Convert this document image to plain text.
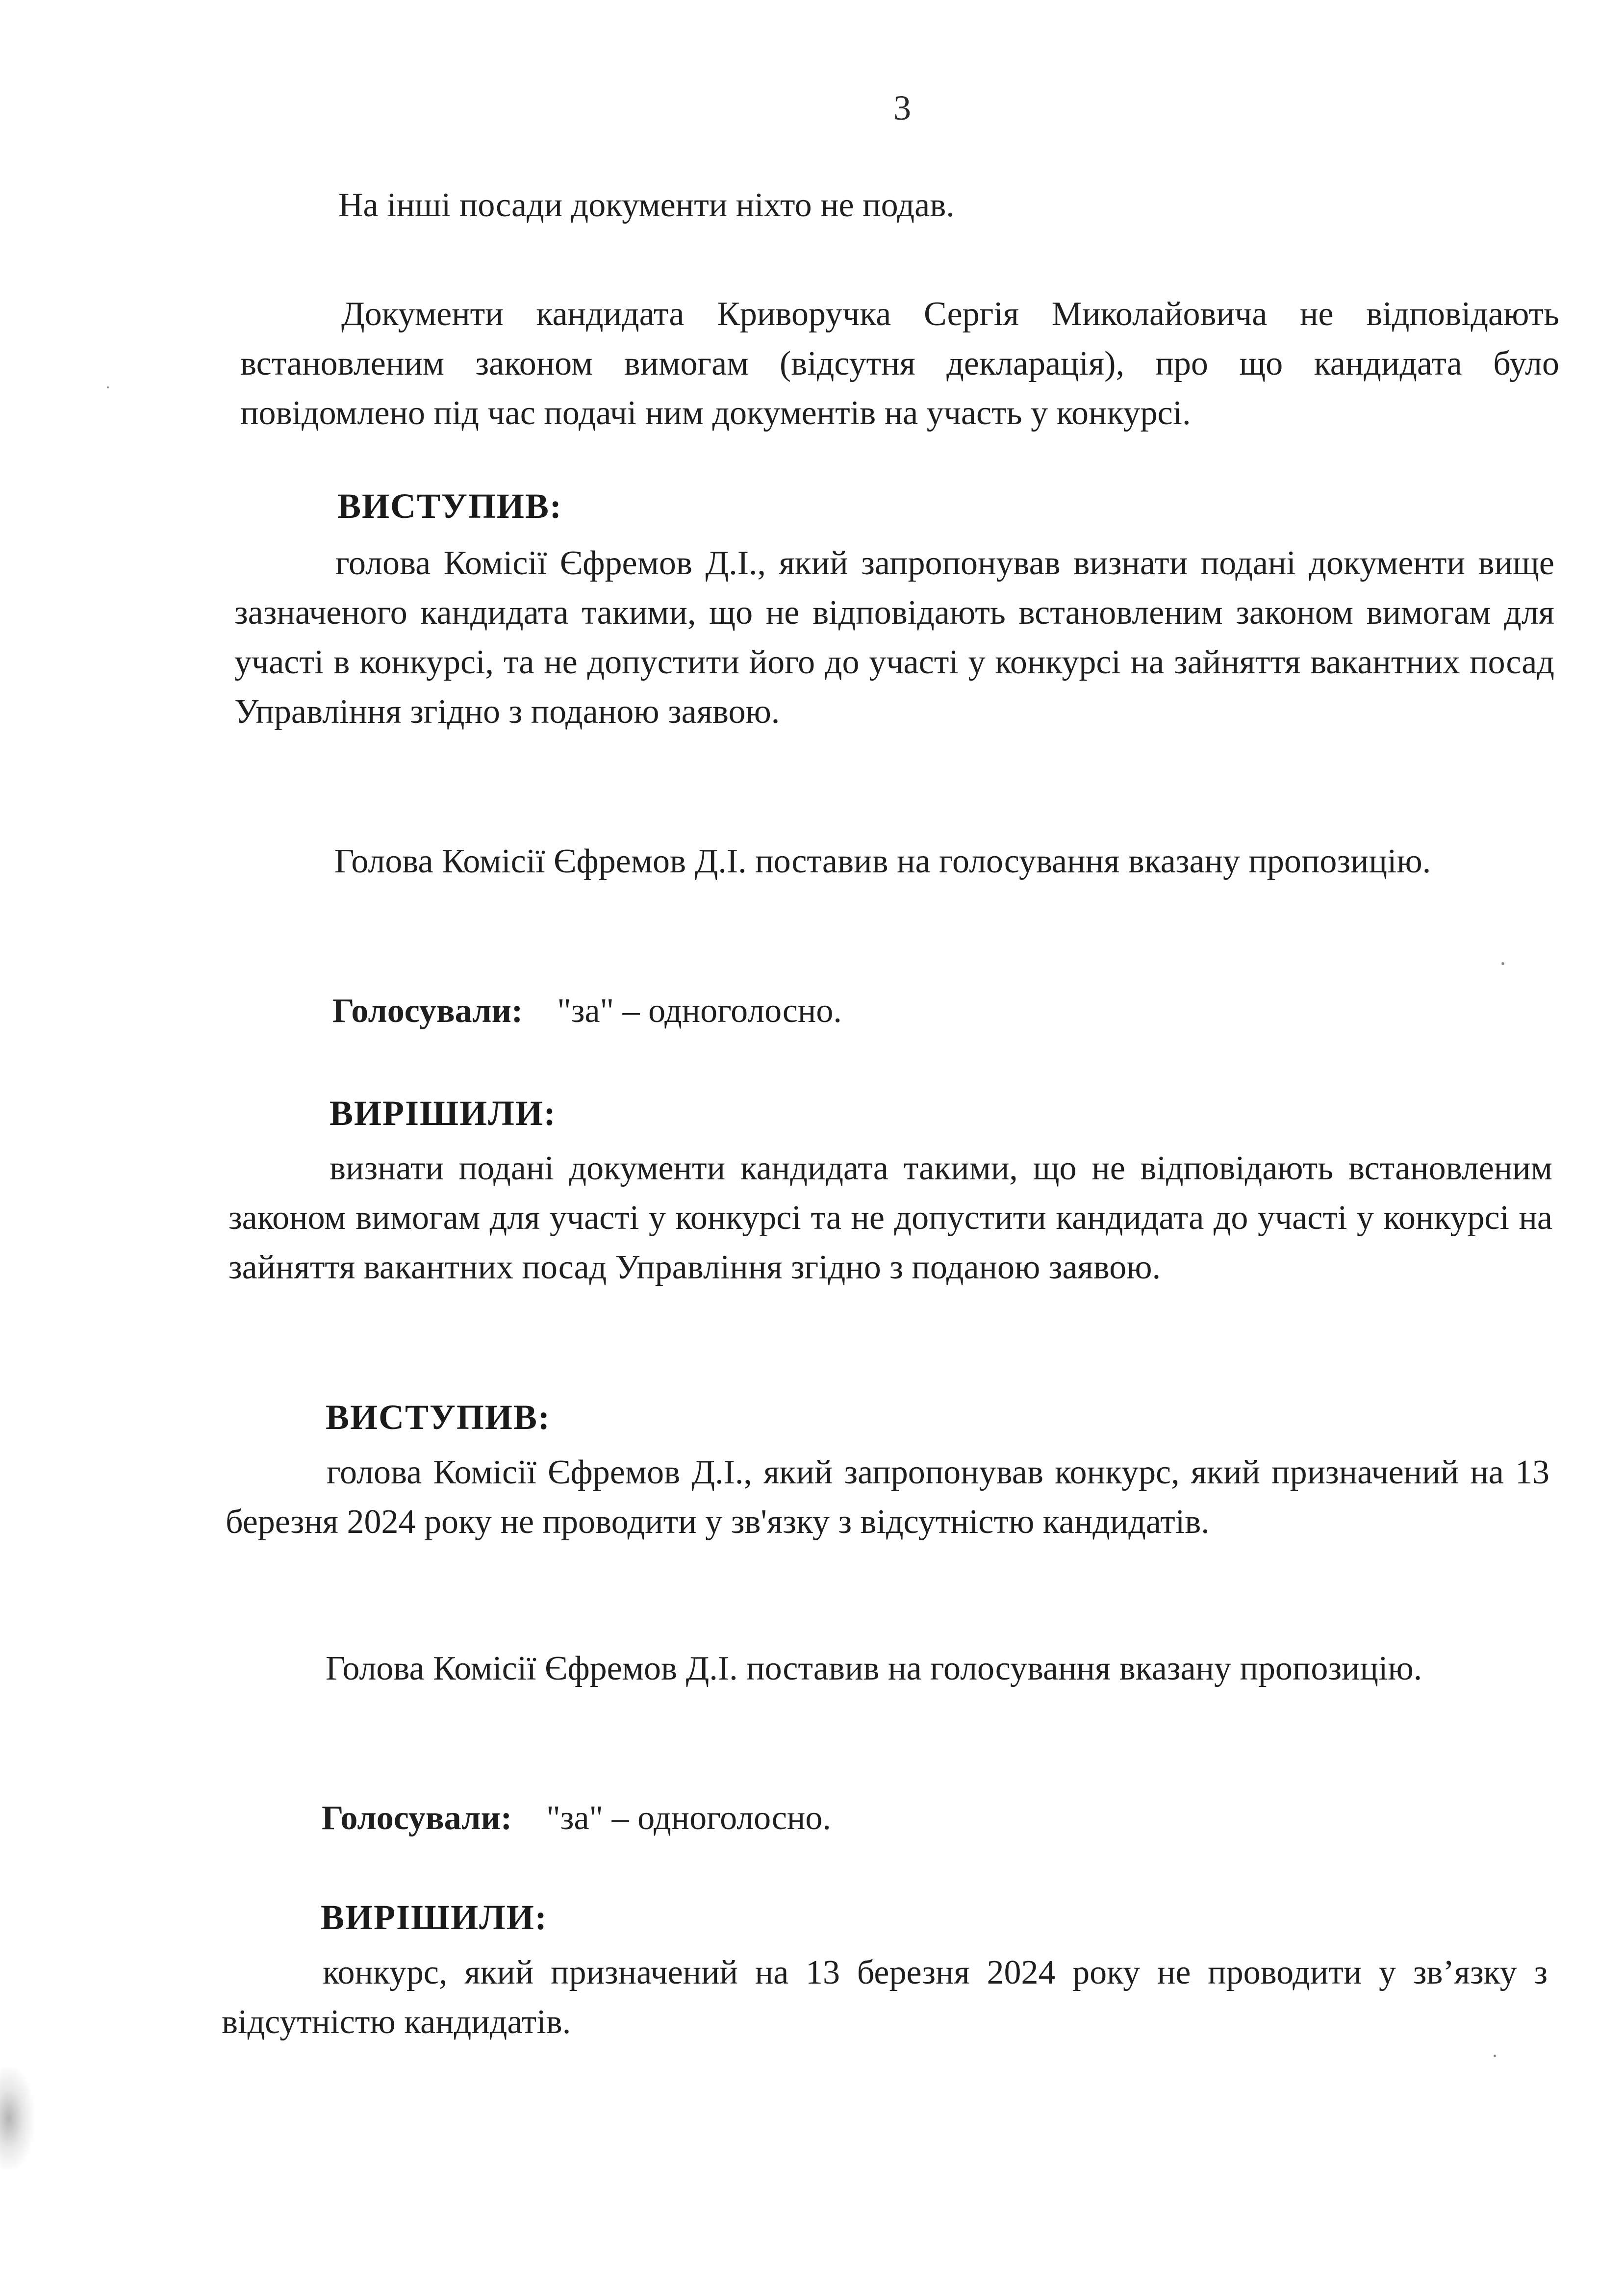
3
На інші посади документи ніхто не подав.
Документи кандидата Криворучка Сергія Миколайовича не відповідають встановленим законом вимогам (відсутня декларація), про що кандидата було повідомлено під час подачі ним документів на участь у конкурсі.
ВИСТУПИВ:
голова Комісії Єфремов Д.І., який запропонував визнати подані документи вище зазначеного кандидата такими, що не відповідають встановленим законом вимогам для участі в конкурсі, та не допустити його до участі у конкурсі на зайняття вакантних посад Управління згідно з поданою заявою.
Голова Комісії Єфремов Д.І. поставив на голосування вказану пропозицію.
Голосували: "за" – одноголосно.
ВИРІШИЛИ:
визнати подані документи кандидата такими, що не відповідають встановленим законом вимогам для участі у конкурсі та не допустити кандидата до участі у конкурсі на зайняття вакантних посад Управління згідно з поданою заявою.
ВИСТУПИВ:
голова Комісії Єфремов Д.І., який запропонував конкурс, який призначений на 13 березня 2024 року не проводити у зв'язку з відсутністю кандидатів.
Голова Комісії Єфремов Д.І. поставив на голосування вказану пропозицію.
Голосували: "за" – одноголосно.
ВИРІШИЛИ:
конкурс, який призначений на 13 березня 2024 року не проводити у зв’язку з відсутністю кандидатів.
